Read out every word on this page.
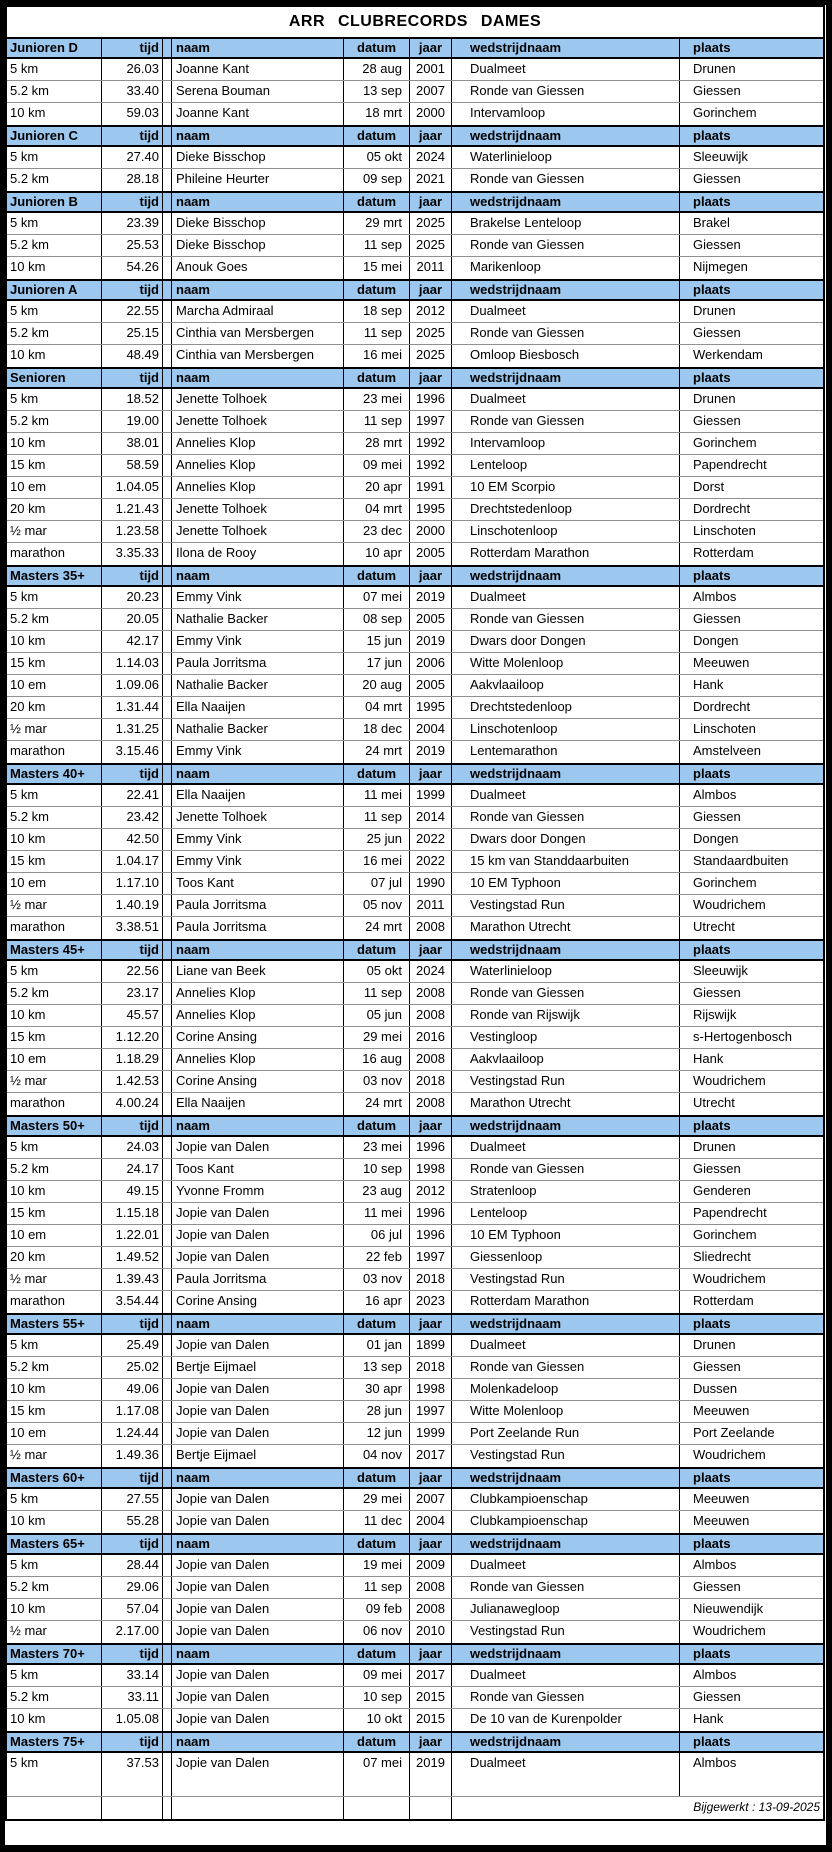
ARR CLUBRECORDS DAMES
Junioren D	tijd	naam	datum	jaar	wedstrijdnaam	plaats
5 km	26.03	Joanne Kant	28 aug	2001	Dualmeet	Drunen
5.2 km	33.40	Serena Bouman	13 sep	2007	Ronde van Giessen	Giessen
10 km	59.03	Joanne Kant	18 mrt	2000	Intervamloop	Gorinchem
Junioren C	tijd	naam	datum	jaar	wedstrijdnaam	plaats
5 km	27.40	Dieke Bisschop	05 okt	2024	Waterlinieloop	Sleeuwijk
5.2 km	28.18	Phileine Heurter	09 sep	2021	Ronde van Giessen	Giessen
Junioren B	tijd	naam	datum	jaar	wedstrijdnaam	plaats
5 km	23.39	Dieke Bisschop	29 mrt	2025	Brakelse Lenteloop	Brakel
5.2 km	25.53	Dieke Bisschop	11 sep	2025	Ronde van Giessen	Giessen
10 km	54.26	Anouk Goes	15 mei	2011	Marikenloop	Nijmegen
Junioren A	tijd	naam	datum	jaar	wedstrijdnaam	plaats
5 km	22.55	Marcha Admiraal	18 sep	2012	Dualmeet	Drunen
5.2 km	25.15	Cinthia van Mersbergen	11 sep	2025	Ronde van Giessen	Giessen
10 km	48.49	Cinthia van Mersbergen	16 mei	2025	Omloop Biesbosch	Werkendam
Senioren	tijd	naam	datum	jaar	wedstrijdnaam	plaats
5 km	18.52	Jenette Tolhoek	23 mei	1996	Dualmeet	Drunen
5.2 km	19.00	Jenette Tolhoek	11 sep	1997	Ronde van Giessen	Giessen
10 km	38.01	Annelies Klop	28 mrt	1992	Intervamloop	Gorinchem
15 km	58.59	Annelies Klop	09 mei	1992	Lenteloop	Papendrecht
10 em	1.04.05	Annelies Klop	20 apr	1991	10 EM Scorpio	Dorst
20 km	1.21.43	Jenette Tolhoek	04 mrt	1995	Drechtstedenloop	Dordrecht
½ mar	1.23.58	Jenette Tolhoek	23 dec	2000	Linschotenloop	Linschoten
marathon	3.35.33	Ilona de Rooy	10 apr	2005	Rotterdam Marathon	Rotterdam
Masters 35+	tijd	naam	datum	jaar	wedstrijdnaam	plaats
5 km	20.23	Emmy Vink	07 mei	2019	Dualmeet	Almbos
5.2 km	20.05	Nathalie Backer	08 sep	2005	Ronde van Giessen	Giessen
10 km	42.17	Emmy Vink	15 jun	2019	Dwars door Dongen	Dongen
15 km	1.14.03	Paula Jorritsma	17 jun	2006	Witte Molenloop	Meeuwen
10 em	1.09.06	Nathalie Backer	20 aug	2005	Aakvlaailoop	Hank
20 km	1.31.44	Ella Naaijen	04 mrt	1995	Drechtstedenloop	Dordrecht
½ mar	1.31.25	Nathalie Backer	18 dec	2004	Linschotenloop	Linschoten
marathon	3.15.46	Emmy Vink	24 mrt	2019	Lentemarathon	Amstelveen
Masters 40+	tijd	naam	datum	jaar	wedstrijdnaam	plaats
5 km	22.41	Ella Naaijen	11 mei	1999	Dualmeet	Almbos
5.2 km	23.42	Jenette Tolhoek	11 sep	2014	Ronde van Giessen	Giessen
10 km	42.50	Emmy Vink	25 jun	2022	Dwars door Dongen	Dongen
15 km	1.04.17	Emmy Vink	16 mei	2022	15 km van Standdaarbuiten	Standaardbuiten
10 em	1.17.10	Toos Kant	07 jul	1990	10 EM Typhoon	Gorinchem
½ mar	1.40.19	Paula Jorritsma	05 nov	2011	Vestingstad Run	Woudrichem
marathon	3.38.51	Paula Jorritsma	24 mrt	2008	Marathon Utrecht	Utrecht
Masters 45+	tijd	naam	datum	jaar	wedstrijdnaam	plaats
5 km	22.56	Liane van Beek	05 okt	2024	Waterlinieloop	Sleeuwijk
5.2 km	23.17	Annelies Klop	11 sep	2008	Ronde van Giessen	Giessen
10 km	45.57	Annelies Klop	05 jun	2008	Ronde van Rijswijk	Rijswijk
15 km	1.12.20	Corine Ansing	29 mei	2016	Vestingloop	s-Hertogenbosch
10 em	1.18.29	Annelies Klop	16 aug	2008	Aakvlaailoop	Hank
½ mar	1.42.53	Corine Ansing	03 nov	2018	Vestingstad Run	Woudrichem
marathon	4.00.24	Ella Naaijen	24 mrt	2008	Marathon Utrecht	Utrecht
Masters 50+	tijd	naam	datum	jaar	wedstrijdnaam	plaats
5 km	24.03	Jopie van Dalen	23 mei	1996	Dualmeet	Drunen
5.2 km	24.17	Toos Kant	10 sep	1998	Ronde van Giessen	Giessen
10 km	49.15	Yvonne Fromm	23 aug	2012	Stratenloop	Genderen
15 km	1.15.18	Jopie van Dalen	11 mei	1996	Lenteloop	Papendrecht
10 em	1.22.01	Jopie van Dalen	06 jul	1996	10 EM Typhoon	Gorinchem
20 km	1.49.52	Jopie van Dalen	22 feb	1997	Giessenloop	Sliedrecht
½ mar	1.39.43	Paula Jorritsma	03 nov	2018	Vestingstad Run	Woudrichem
marathon	3.54.44	Corine Ansing	16 apr	2023	Rotterdam Marathon	Rotterdam
Masters 55+	tijd	naam	datum	jaar	wedstrijdnaam	plaats
5 km	25.49	Jopie van Dalen	01 jan	1899	Dualmeet	Drunen
5.2 km	25.02	Bertje Eijmael	13 sep	2018	Ronde van Giessen	Giessen
10 km	49.06	Jopie van Dalen	30 apr	1998	Molenkadeloop	Dussen
15 km	1.17.08	Jopie van Dalen	28 jun	1997	Witte Molenloop	Meeuwen
10 em	1.24.44	Jopie van Dalen	12 jun	1999	Port Zeelande Run	Port Zeelande
½ mar	1.49.36	Bertje Eijmael	04 nov	2017	Vestingstad Run	Woudrichem
Masters 60+	tijd	naam	datum	jaar	wedstrijdnaam	plaats
5 km	27.55	Jopie van Dalen	29 mei	2007	Clubkampioenschap	Meeuwen
10 km	55.28	Jopie van Dalen	11 dec	2004	Clubkampioenschap	Meeuwen
Masters 65+	tijd	naam	datum	jaar	wedstrijdnaam	plaats
5 km	28.44	Jopie van Dalen	19 mei	2009	Dualmeet	Almbos
5.2 km	29.06	Jopie van Dalen	11 sep	2008	Ronde van Giessen	Giessen
10 km	57.04	Jopie van Dalen	09 feb	2008	Julianawegloop	Nieuwendijk
½ mar	2.17.00	Jopie van Dalen	06 nov	2010	Vestingstad Run	Woudrichem
Masters 70+	tijd	naam	datum	jaar	wedstrijdnaam	plaats
5 km	33.14	Jopie van Dalen	09 mei	2017	Dualmeet	Almbos
5.2 km	33.11	Jopie van Dalen	10 sep	2015	Ronde van Giessen	Giessen
10 km	1.05.08	Jopie van Dalen	10 okt	2015	De 10 van de Kurenpolder	Hank
Masters 75+	tijd	naam	datum	jaar	wedstrijdnaam	plaats
5 km	37.53	Jopie van Dalen	07 mei	2019	Dualmeet	Almbos
Bijgewerkt : 13-09-2025
